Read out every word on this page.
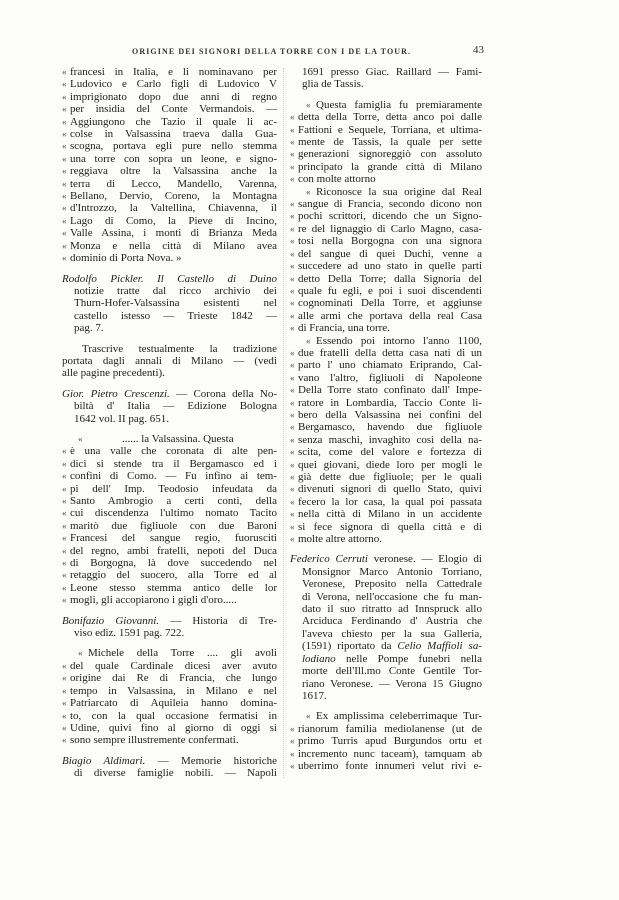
ORIGINE DEI SIGNORI DELLA TORRE CON I DE LA TOUR.	43
« francesi in Italia, e li nominavano per
« Ludovico e Carlo figli di Ludovico V
« imprigionato dopo due anni di regno
« per insidia del Conte Vermandois. —
« Aggiungono che Tazio il quale li ac-
« colse in Valsassina traeva dalla Gua-
« scogna, portava egli pure nello stemma
« una torre con sopra un leone, e signo-
« reggiava oltre la Valsassina anche la
« terra di Lecco, Mandello, Varenna,
« Bellano, Dervio, Coreno, la Montagna
« d'Introzzo, la Valtellina, Chiavenna, il
« Lago di Como, la Pieve di Incino,
« Valle Assina, i monti di Brianza Meda
« Monza e nella città di Milano avea
« dominio di Porta Nova. »
Rodolfo Pickler. Il Castello di Duino
notizie tratte dal ricco archivio dei
Thurn-Hofer-Valsassina esistenti nel
castello istesso — Trieste 1842 —
pag. 7.
Trascrive testualmente la tradizione
portata dagli annali di Milano — (vedi
alle pagine precedenti).
Gior. Pietro Crescenzi. — Corona della No-
biltà d' Italia — Edizione Bologna
1642 vol. II pag. 651.
«	...... la Valsassina. Questa
« è una valle che coronata di alte pen-
« dici si stende tra il Bergamasco ed i
« confini di Como. — Fu infino ai tem-
« pi dell' Imp. Teodosio infeudata da
« Santo Ambrogio a certi conti, della
« cui discendenza l'ultimo nomato Tacito
« maritò due figliuole con due Baroni
« Francesi del sangue regio, fuorusciti
« del regno, ambi fratelli, nepoti del Duca
« di Borgogna, là dove succedendo nel
« retaggio del suocero, alla Torre ed al
« Leone stesso stemma antico delle lor
« mogli, gli accopiarono i gigli d'oro.....
Bonifazio Giovanni. — Historia di Tre-
viso ediz. 1591 pag. 722.
« Michele della Torre .... gli avoli
« del quale Cardinale dicesi aver avuto
« origine dai Re di Francia, che lungo
« tempo in Valsassina, in Milano e nel
« Patriarcato di Aquileia hanno domina-
« to, con la qual occasione fermatisi in
« Udine, quivi fino al giorno di oggi si
« sono sempre illustremente confermati.
Biagio Aldimari. — Memorie historiche
di diverse famiglie nobili. — Napoli
1691 presso Giac. Raillard — Fami-
glia de Tassis.
« Questa famiglia fu premiaramente
« detta della Torre, detta anco poi dalle
« Fattioni e Sequele, Torriana, et ultima-
« mente de Tassis, la quale per sette
« generazioni signoreggiò con assoluto
« principato la grande città di Milano
« con molte attorno
« Riconosce la sua origine dal Real
« sangue di Francia, secondo dicono non
« pochi scrittori, dicendo che un Signo-
« re del lignaggio di Carlo Magno, casa-
« tosi nella Borgogna con una signora
« del sangue di quei Duchi, venne a
« succedere ad uno stato in quelle parti
« detto Della Torre; dalla Signoria del
« quale fu egli, e poi i suoi discendenti
« cognominati Della Torre, et aggiunse
« alle armi che portava della real Casa
« di Francia, una torre.
« Essendo poi intorno l'anno 1100,
« due fratelli della detta casa nati di un
« parto l' uno chiamato Eriprando, Cal-
« vano l'altro, figliuoli di Napoleone
« Della Torre stato confinato dall' Impe-
« ratore in Lombardia, Taccio Conte li-
« bero della Valsassina nei confini del
« Bergamasco, havendo due figliuole
« senza maschi, invaghito così della na-
« scita, come del valore e fortezza di
« quei giovani, diede loro per mogli le
« già dette due figliuole; per le quali
« divenuti signori di quello Stato, quivi
« fecero la lor casa, la qual poi passata
« nella città di Milano in un accidente
« si fece signora di quella città e di
« molte altre attorno.
Federico Cerruti veronese. — Elogio di
Monsignor Marco Antonio Torriano,
Veronese, Preposito nella Cattedrale
di Verona, nell'occasione che fu man-
dato il suo ritratto ad Innspruck allo
Arciduca Ferdinando d' Austria che
l'aveva chiesto per la sua Galleria,
(1591) riportato da Celio Maffioli sa-
lodiano nelle Pompe funebri nella
morte dell'Ill.mo Conte Gentile Tor-
riano Veronese. — Verona 15 Giugno
1617.
« Ex amplissima celeberrimaque Tur-
« rianorum familia mediolanense (ut de
« primo Turris apud Burgundos ortu et
« incremento nunc taceam), tamquam ab
« uberrimo fonte innumeri velut rivi e-
